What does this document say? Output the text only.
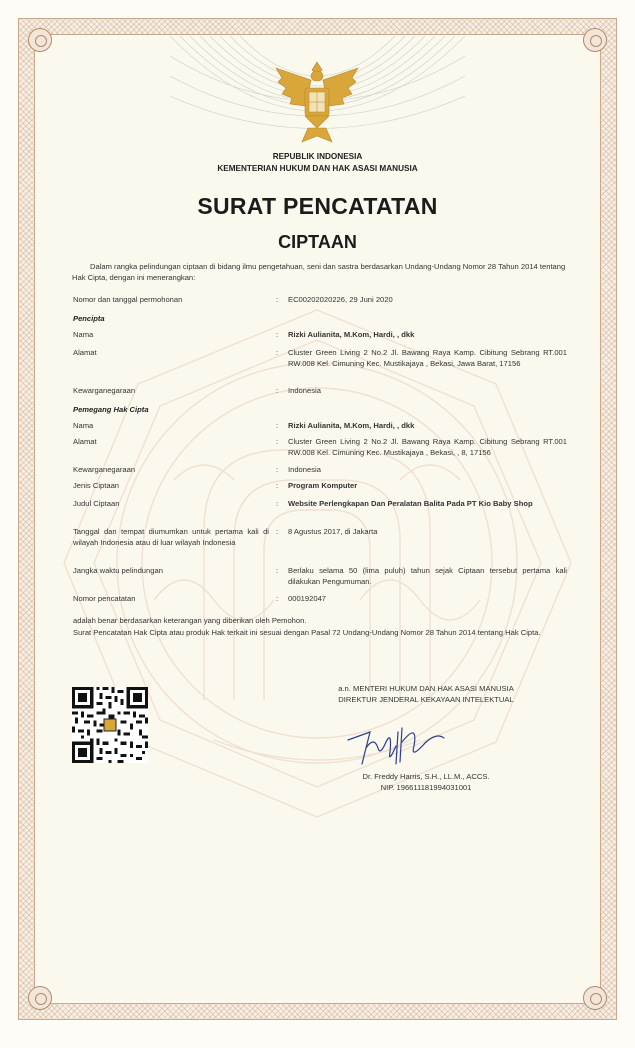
REPUBLIK INDONESIA
KEMENTERIAN HUKUM DAN HAK ASASI MANUSIA
SURAT PENCATATAN
CIPTAAN
Dalam rangka pelindungan ciptaan di bidang ilmu pengetahuan, seni dan sastra berdasarkan Undang-Undang Nomor 28 Tahun 2014 tentang Hak Cipta, dengan ini menerangkan:
Nomor dan tanggal permohonan	: EC00202020226, 29 Juni 2020
Pencipta
Nama	: Rizki Aulianita, M.Kom, Hardi, , dkk
Alamat	: Cluster Green Living 2 No.2 Jl. Bawang Raya Kamp. Cibitung Sebrang RT.001 RW.008 Kel. Cimuning Kec. Mustikajaya , Bekasi, Jawa Barat, 17156
Kewarganegaraan	: Indonesia
Pemegang Hak Cipta
Nama	: Rizki Aulianita, M.Kom, Hardi, , dkk
Alamat	: Cluster Green Living 2 No.2 Jl. Bawang Raya Kamp. Cibitung Sebrang RT.001 RW.008 Kel. Cimuning Kec. Mustikajaya , Bekasi, , 8, 17156
Kewarganegaraan	: Indonesia
Jenis Ciptaan	: Program Komputer
Judul Ciptaan	: Website Perlengkapan Dan Peralatan Balita Pada PT Kio Baby Shop
Tanggal dan tempat diumumkan untuk pertama kali di wilayah Indonesia atau di luar wilayah Indonesia
: 8 Agustus 2017, di Jakarta
Jangka waktu pelindungan	: Berlaku selama 50 (lima puluh) tahun sejak Ciptaan tersebut pertama kali dilakukan Pengumuman.
Nomor pencatatan	: 000192047
adalah benar berdasarkan keterangan yang diberikan oleh Pemohon.
Surat Pencatatan Hak Cipta atau produk Hak terkait ini sesuai dengan Pasal 72 Undang-Undang Nomor 28 Tahun 2014 tentang Hak Cipta.
a.n. MENTERI HUKUM DAN HAK ASASI MANUSIA
DIREKTUR JENDERAL KEKAYAAN INTELEKTUAL
Dr. Freddy Harris, S.H., LL.M., ACCS.
NIP. 196611181994031001
